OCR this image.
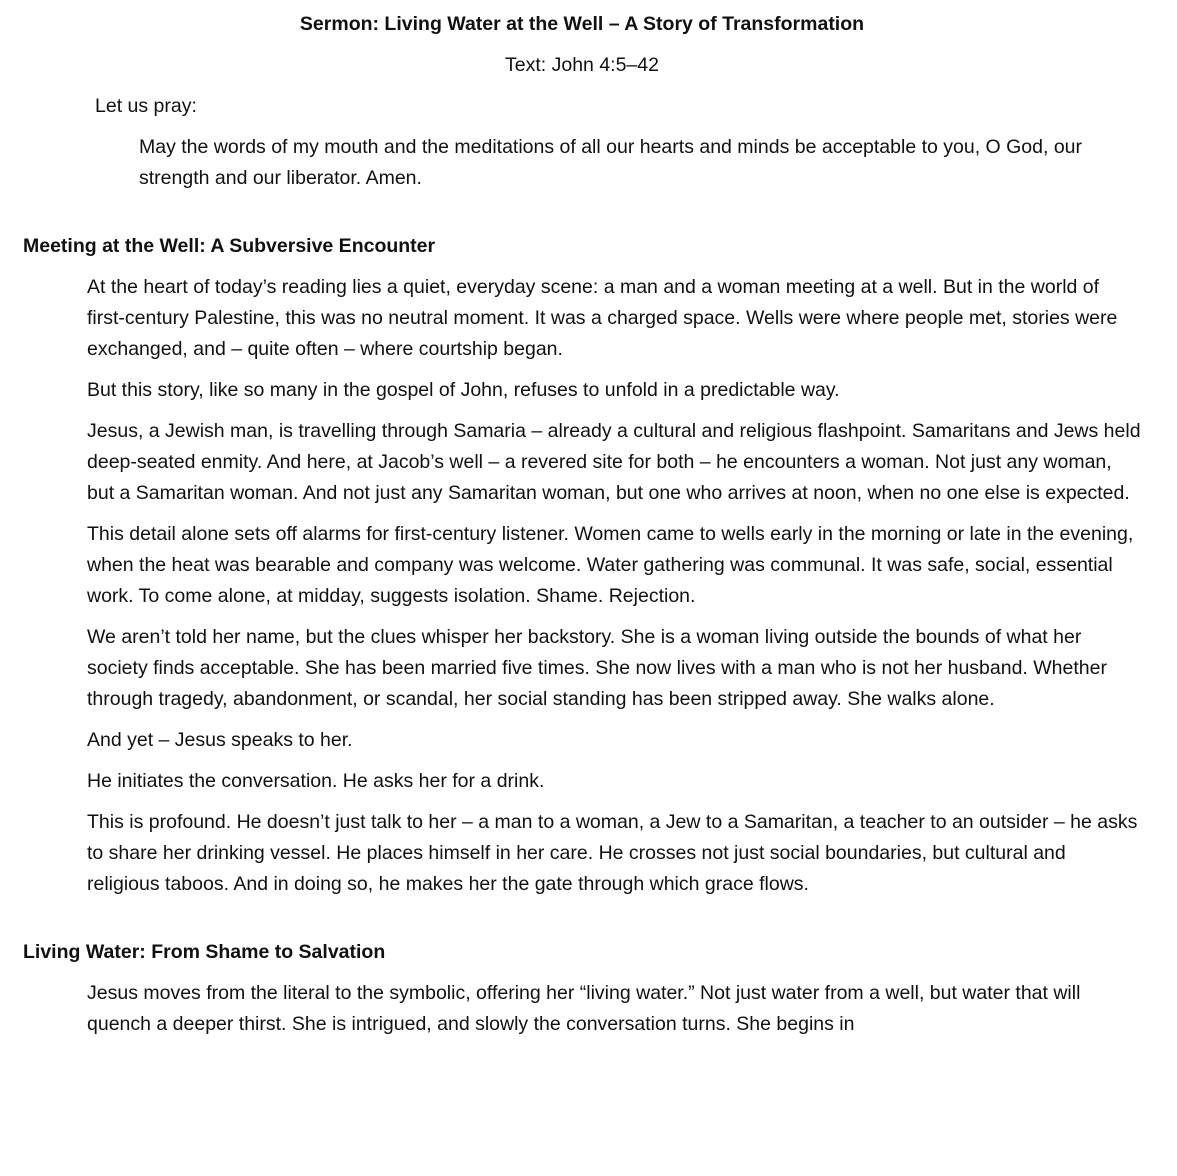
Sermon: Living Water at the Well – A Story of Transformation

Text: John 4:5–42

Let us pray:

May the words of my mouth and the meditations of all our hearts and minds be acceptable to you, O God, our strength and our liberator. Amen.

Meeting at the Well: A Subversive Encounter

At the heart of today’s reading lies a quiet, everyday scene: a man and a woman meeting at a well. But in the world of first-century Palestine, this was no neutral moment. It was a charged space. Wells were where people met, stories were exchanged, and – quite often – where courtship began.

But this story, like so many in the gospel of John, refuses to unfold in a predictable way.

Jesus, a Jewish man, is travelling through Samaria – already a cultural and religious flashpoint. Samaritans and Jews held deep-seated enmity. And here, at Jacob’s well – a revered site for both – he encounters a woman. Not just any woman, but a Samaritan woman. And not just any Samaritan woman, but one who arrives at noon, when no one else is expected.

This detail alone sets off alarms for first-century listener. Women came to wells early in the morning or late in the evening, when the heat was bearable and company was welcome. Water gathering was communal. It was safe, social, essential work. To come alone, at midday, suggests isolation. Shame. Rejection.

We aren’t told her name, but the clues whisper her backstory. She is a woman living outside the bounds of what her society finds acceptable. She has been married five times. She now lives with a man who is not her husband. Whether through tragedy, abandonment, or scandal, her social standing has been stripped away. She walks alone.

And yet – Jesus speaks to her.

He initiates the conversation. He asks her for a drink.

This is profound. He doesn’t just talk to her – a man to a woman, a Jew to a Samaritan, a teacher to an outsider – he asks to share her drinking vessel. He places himself in her care. He crosses not just social boundaries, but cultural and religious taboos. And in doing so, he makes her the gate through which grace flows.

Living Water: From Shame to Salvation

Jesus moves from the literal to the symbolic, offering her “living water.” Not just water from a well, but water that will quench a deeper thirst. She is intrigued, and slowly the conversation turns. She begins in
